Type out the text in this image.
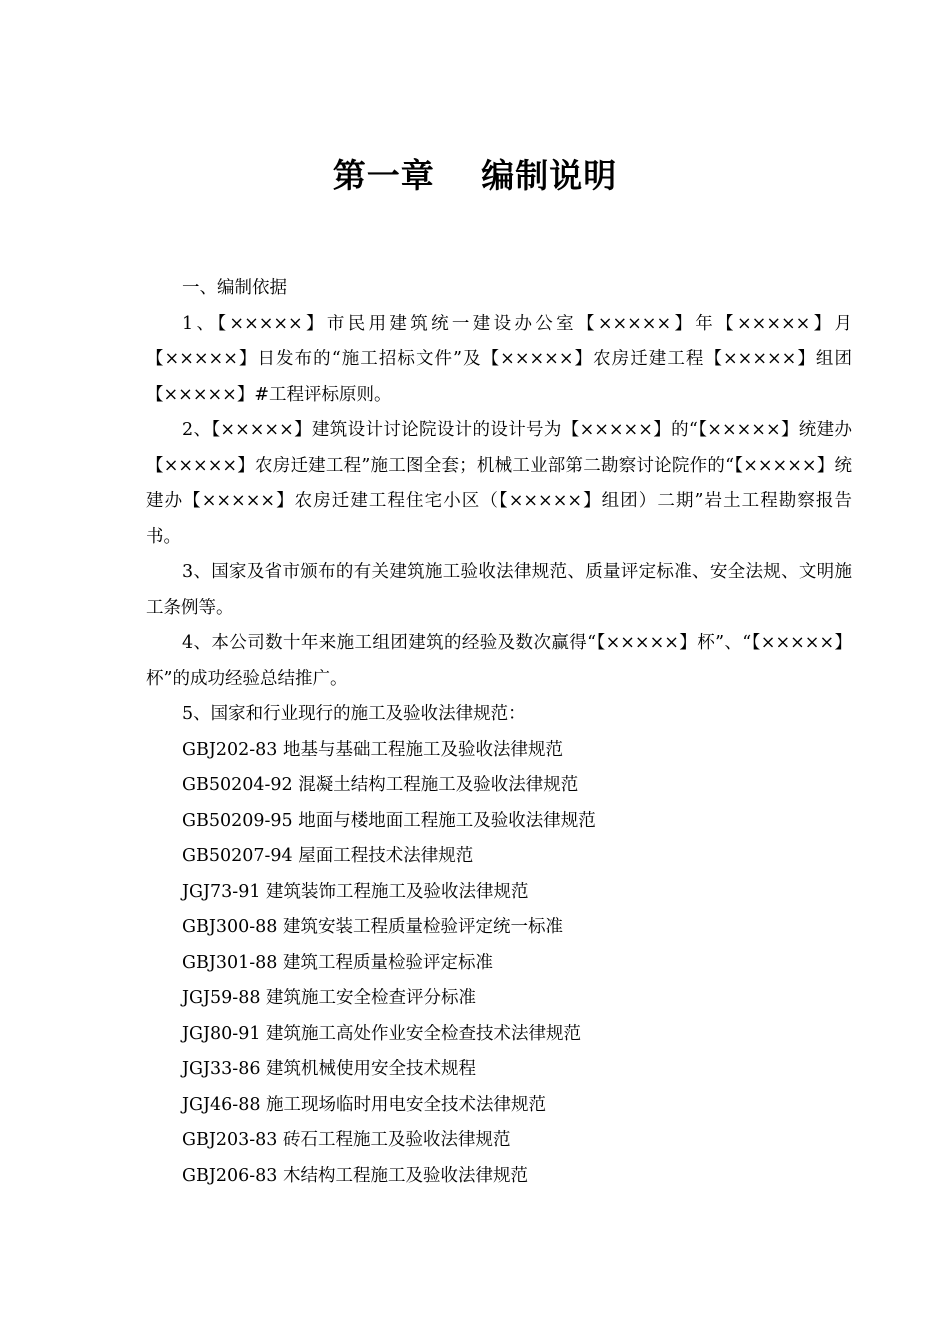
第一章　 编制说明

一、编制依据

1、【×××××】市民用建筑统一建设办公室【×××××】年【×××××】月【×××××】日发布的“施工招标文件”及【×××××】农房迁建工程【×××××】组团【×××××】#工程评标原则。

2、【×××××】建筑设计讨论院设计的设计号为【×××××】的“【×××××】统建办【×××××】农房迁建工程”施工图全套；机械工业部第二勘察讨论院作的“【×××××】统建办【×××××】农房迁建工程住宅小区（【×××××】组团）二期”岩土工程勘察报告书。

3、国家及省市颁布的有关建筑施工验收法律规范、质量评定标准、安全法规、文明施工条例等。

4、本公司数十年来施工组团建筑的经验及数次赢得“【×××××】杯”、“【×××××】杯”的成功经验总结推广。

5、国家和行业现行的施工及验收法律规范：

GBJ202-83 地基与基础工程施工及验收法律规范
GB50204-92 混凝土结构工程施工及验收法律规范
GB50209-95 地面与楼地面工程施工及验收法律规范
GB50207-94 屋面工程技术法律规范
JGJ73-91 建筑装饰工程施工及验收法律规范
GBJ300-88 建筑安装工程质量检验评定统一标准
GBJ301-88 建筑工程质量检验评定标准
JGJ59-88 建筑施工安全检查评分标准
JGJ80-91 建筑施工高处作业安全检查技术法律规范
JGJ33-86 建筑机械使用安全技术规程
JGJ46-88 施工现场临时用电安全技术法律规范
GBJ203-83 砖石工程施工及验收法律规范
GBJ206-83 木结构工程施工及验收法律规范
